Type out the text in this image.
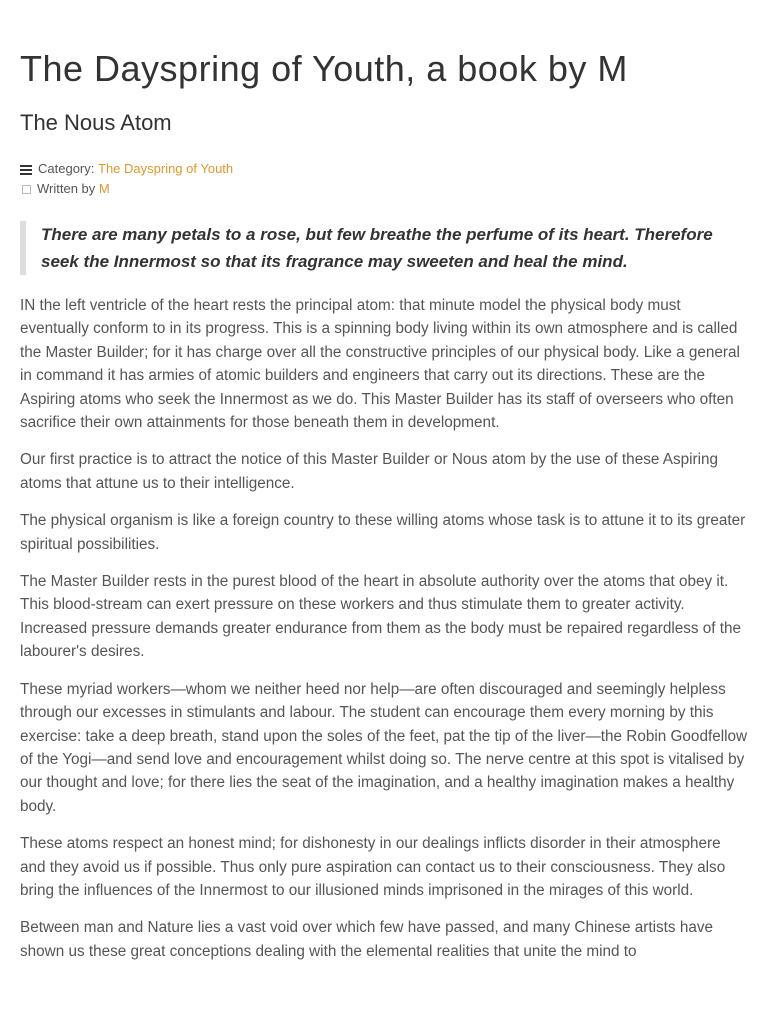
The Dayspring of Youth, a book by M
The Nous Atom
Category:
The Dayspring of Youth
Written by
M
There are many petals to a rose, but few breathe the perfume of its heart. Therefore seek the Innermost so that its fragrance may sweeten and heal the mind.

IN the left ventricle of the heart rests the principal atom: that minute model the physical body must eventually conform to in its progress. This is a spinning body living within its own atmosphere and is called the Master Builder; for it has charge over all the constructive principles of our physical body. Like a general in command it has armies of atomic builders and engineers that carry out its directions. These are the Aspiring atoms who seek the Innermost as we do. This Master Builder has its staff of overseers who often sacrifice their own attainments for those beneath them in development.

Our first practice is to attract the notice of this Master Builder or Nous atom by the use of these Aspiring atoms that attune us to their intelligence.

The physical organism is like a foreign country to these willing atoms whose task is to attune it to its greater spiritual possibilities.

The Master Builder rests in the purest blood of the heart in absolute authority over the atoms that obey it. This blood-stream can exert pressure on these workers and thus stimulate them to greater activity. Increased pressure demands greater endurance from them as the body must be repaired regardless of the labourer's desires.

These myriad workers—whom we neither heed nor help—are often discouraged and seemingly helpless through our excesses in stimulants and labour. The student can encourage them every morning by this exercise: take a deep breath, stand upon the soles of the feet, pat the tip of the liver—the Robin Goodfellow of the Yogi—and send love and encouragement whilst doing so. The nerve centre at this spot is vitalised by our thought and love; for there lies the seat of the imagination, and a healthy imagination makes a healthy body.

These atoms respect an honest mind; for dishonesty in our dealings inflicts disorder in their atmosphere and they avoid us if possible. Thus only pure aspiration can contact us to their consciousness. They also bring the influences of the Innermost to our illusioned minds imprisoned in the mirages of this world.

Between man and Nature lies a vast void over which few have passed, and many Chinese artists have shown us these great conceptions dealing with the elemental realities that unite the mind to
